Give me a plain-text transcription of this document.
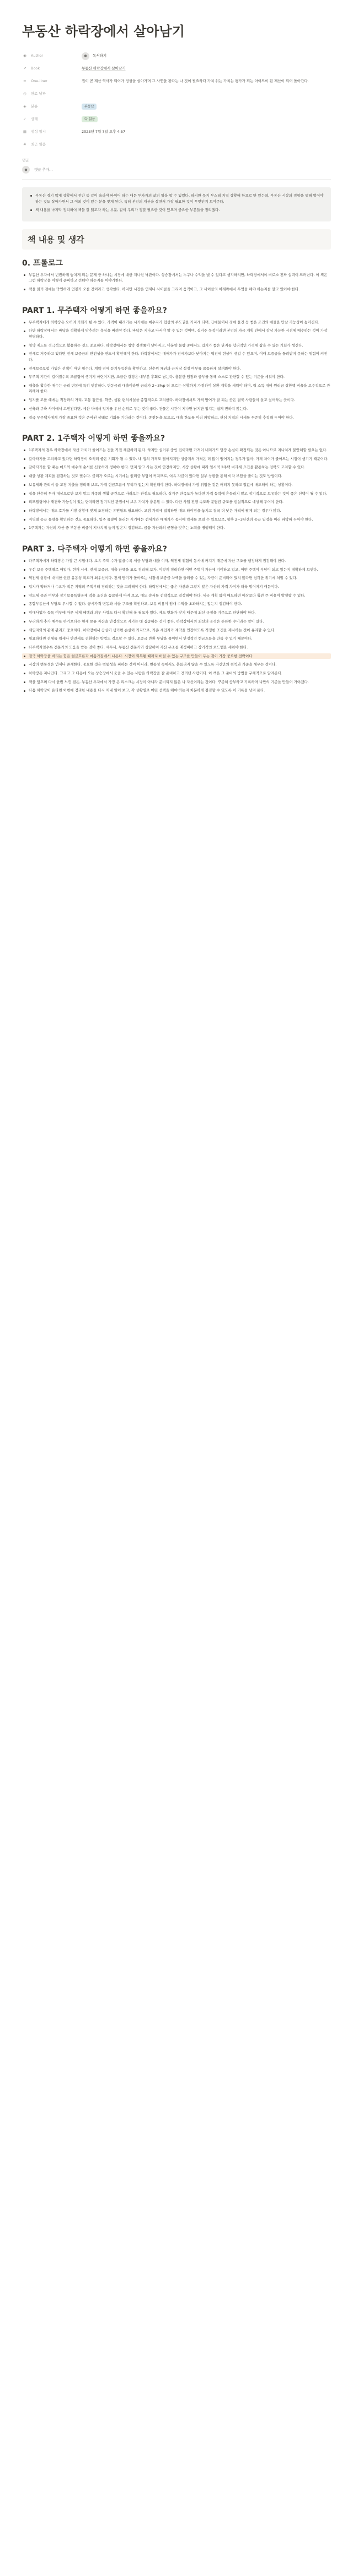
부동산 하락장에서 살아남기
◉	Author	●	독서하기
↗	Book	부동산 하락장에서 살아남기
≡	One-liner	집이 곧 재산 역사가 되어가 정성을 살아가며 그 사연을 판다는 나 것이 필요하다 가치 위는 가치는 평가가 되는 아이드이 된 재산이 되어 돌아간다.
◷	완료 날짜
◈	분류	부동산
✓	상태	다 읽음
▦ 생성 일시	2023년 7월 7일 오후 4:57
#	최근 읽음
댓글
●
댓글 추가...
부동산 경기 악재 상황에서 전반 등 같이 올라야 바이어 하는 대문 투자자의 삶의 일을 할 수 있었다. 하지만 뭇지 부스테 지역 상황해 한으로 만 있는데, 부동산 시장의 경향을 통해 벌어야 하는 것도 살아가면서 그 이외 것이 있는 분을 찾게 된다. 특히 본인의 재산을 살면서 가장 필요한 것이 무엇인지 보여준다.
책 내용을 마지막 정리하여 책들 잘 읽고자 하는 부분, 같이 우리가 정말 필요한 것이 있으며 중요한 부분들을 정리했다.
책 내용 및 생각
0. 프롤로그
부동산 투자에서 빈번하게 놓치게 되는 문제 중 하나는 시장에 대한 지나친 낙관이다. 상승장에서는 누구나 수익을 낼 수 있다고 생각하지만, 하락장에서야 비로소 진짜 실력이 드러난다. 이 책은 그런 하락장을 어떻게 준비하고 견뎌야 하는지를 이야기한다.
책을 읽기 전에는 막연하게 언젠가 오를 것이라고 생각했다. 하지만 시장은 언제나 사이클을 그리며 움직이고, 그 사이클의 아래쪽에서 무엇을 해야 하는지를 알고 있어야 한다.
PART 1. 무주택자 어떻게 하면 좋을까요?
무주택자에게 하락장은 오히려 기회가 될 수 있다. 가격이 내려가는 시기에는 매수자가 협상의 주도권을 가지게 되며, 급매물이나 경매 물건 등 좋은 조건의 매물을 만날 가능성이 높아진다.
다만 하락장에서는 바닥을 정확하게 맞추려는 욕심을 버려야 한다. 바닥은 지나고 나서야 알 수 있는 것이며, 실거주 목적이라면 본인의 자금 계획 안에서 감당 가능한 시점에 매수하는 것이 가장 현명하다.
청약 제도를 적극적으로 활용하는 것도 중요하다. 하락장에서는 청약 경쟁률이 낮아지고, 미분양 물량 중에서도 입지가 좋은 단지를 합리적인 가격에 잡을 수 있는 기회가 생긴다.
전세로 거주하고 있다면 전세 보증금의 안전성을 반드시 확인해야 한다. 하락장에서는 매매가가 전세가보다 낮아지는 역전세 현상이 생길 수 있으며, 이때 보증금을 돌려받지 못하는 위험이 커진다.
전세보증보험 가입은 선택이 아닌 필수다. 계약 전에 등기부등본을 확인하고, 선순위 채권과 근저당 설정 여부를 꼼꼼하게 살펴봐야 한다.
무주택 기간이 길어질수록 조급함이 생기기 마련이지만, 조급한 결정은 대부분 후회로 남는다. 충분한 임장과 공부를 통해 스스로 판단할 수 있는 기준을 세워야 한다.
대출을 활용한 매수는 금리 변동에 특히 민감하다. 변동금리 대출이라면 금리가 2~3%p 더 오르는 상황까지 가정하여 상환 계획을 세워야 하며, 월 소득 대비 원리금 상환액 비율을 보수적으로 관리해야 한다.
입지를 고를 때에는 직장과의 거리, 교통 접근성, 학군, 생활 편의시설을 종합적으로 고려한다. 하락장에서도 가격 방어가 잘 되는 곳은 결국 사람들이 살고 싶어하는 곳이다.
신축과 구축 사이에서 고민된다면, 예산 내에서 입지를 우선 순위로 두는 것이 좋다. 건물은 시간이 지나면 낡지만 입지는 쉽게 변하지 않는다.
결국 무주택자에게 가장 중요한 것은 준비된 상태로 기회를 기다리는 것이다. 종잣돈을 모으고, 대출 한도를 미리 파악하고, 관심 지역의 시세를 꾸준히 추적해 두어야 한다.
PART 2. 1주택자 어떻게 하면 좋을까요?
1주택자의 경우 하락장에서 자산 가치가 줄어드는 것을 직접 체감하게 된다. 하지만 실거주 중인 집이라면 가격이 내려가도 당장 손실이 확정되는 것은 아니므로 지나치게 불안해할 필요는 없다.
갈아타기를 고려하고 있다면 하락장이 오히려 좋은 기회가 될 수 있다. 내 집의 가격도 떨어지지만 상급지의 가격은 더 많이 떨어지는 경우가 많아, 가격 차이가 줄어드는 시점이 생기기 때문이다.
갈아타기를 할 때는 매도와 매수의 순서를 신중하게 정해야 한다. 먼저 팔고 사는 것이 안전하지만, 시장 상황에 따라 일시적 2주택 비과세 요건을 활용하는 전략도 고려할 수 있다.
대출 상환 계획을 점검하는 것도 필수다. 금리가 오르는 시기에는 원리금 부담이 커지므로, 여유 자금이 있다면 일부 상환을 통해 이자 부담을 줄이는 것도 방법이다.
보유세와 관리비 등 고정 지출을 정리해 보고, 가계 현금흐름에 무리가 없는지 확인해야 한다. 하락장에서 가장 위험한 것은 버티지 못하고 헐값에 매도해야 하는 상황이다.
집을 단순히 투자 대상으로만 보지 말고 가족의 생활 공간으로 바라보는 관점도 필요하다. 실거주 만족도가 높다면 가격 등락에 흔들리지 않고 장기적으로 보유하는 것이 좋은 선택이 될 수 있다.
리모델링이나 재건축 가능성이 있는 단지라면 장기적인 관점에서 보유 가치가 충분할 수 있다. 다만 사업 진행 속도와 분담금 규모를 현실적으로 예상해 두어야 한다.
하락장에서는 매도 호가를 시장 상황에 맞게 조정하는 유연함도 필요하다. 고점 가격에 집착하면 매도 타이밍을 놓치고 결국 더 낮은 가격에 팔게 되는 경우가 많다.
지역별 공급 물량을 확인하는 것도 중요하다. 입주 물량이 몰리는 시기에는 전세가와 매매가가 동시에 약세를 보일 수 있으므로, 향후 2~3년간의 공급 일정을 미리 파악해 두어야 한다.
1주택자는 자신의 자산 중 부동산 비중이 지나치게 높지 않은지 점검하고, 금융 자산과의 균형을 맞추는 노력을 병행해야 한다.
PART 3. 다주택자 어떻게 하면 좋을까요?
다주택자에게 하락장은 가장 큰 시험대다. 보유 주택 수가 많을수록 세금 부담과 대출 이자, 역전세 위험이 동시에 커지기 때문에 자산 구조를 냉정하게 점검해야 한다.
우선 보유 주택별로 매입가, 현재 시세, 전세 보증금, 대출 잔액을 표로 정리해 보자. 이렇게 정리하면 어떤 주택이 자산에 기여하고 있고, 어떤 주택이 부담이 되고 있는지 명확하게 보인다.
역전세 상황에 대비한 현금 유동성 확보가 최우선이다. 전세 만기가 돌아오는 시점에 보증금 차액을 돌려줄 수 있는 자금이 준비되어 있지 않다면 심각한 위기에 처할 수 있다.
입지가 약하거나 수요가 적은 지역의 주택부터 정리하는 것을 고려해야 한다. 하락장에서는 좋은 자산과 그렇지 않은 자산의 가격 차이가 더욱 벌어지기 때문이다.
양도세 중과 여부와 장기보유특별공제 적용 조건을 꼼꼼하게 따져 보고, 매도 순서를 전략적으로 결정해야 한다. 세금 계획 없이 매도하면 예상보다 훨씬 큰 비용이 발생할 수 있다.
종합부동산세 부담도 무시할 수 없다. 공시가격 변동과 세율 구조를 확인하고, 보유 비용이 임대 수익을 초과하지는 않는지 점검해야 한다.
임대사업자 등록 여부에 따른 세제 혜택과 의무 사항도 다시 확인해 볼 필요가 있다. 제도 변화가 잦기 때문에 최신 규정을 기준으로 판단해야 한다.
무리하게 추가 매수를 하기보다는 현재 보유 자산을 안정적으로 지키는 데 집중하는 것이 좋다. 하락장에서의 최선의 공격은 튼튼한 수비라는 말이 있다.
세입자와의 관계 관리도 중요하다. 하락장에서 공실이 생기면 손실이 커지므로, 기존 세입자가 계약을 연장하도록 적정한 조건을 제시하는 것이 유리할 수 있다.
필요하다면 전세를 월세나 반전세로 전환하는 방법도 검토할 수 있다. 보증금 반환 부담을 줄이면서 안정적인 현금흐름을 만들 수 있기 때문이다.
다주택자일수록 전문가의 도움을 받는 것이 좋다. 세무사, 부동산 전문가와 상담하여 자산 구조를 재정비하고 장기적인 로드맵을 세워야 한다.
결국 하락장을 버티는 힘은 현금흐름과 마음가짐에서 나온다. 시장이 회복될 때까지 버틸 수 있는 구조를 만들어 두는 것이 가장 중요한 전략이다.
시장의 변동성은 언제나 존재한다. 중요한 것은 변동성을 피하는 것이 아니라, 변동성 속에서도 흔들리지 않을 수 있도록 자신만의 원칙과 기준을 세우는 것이다.
하락장은 지나간다. 그리고 그 다음에 오는 상승장에서 웃을 수 있는 사람은 하락장을 잘 준비하고 견뎌낸 사람이다. 이 책은 그 준비의 방법을 구체적으로 알려준다.
책을 덮으며 다시 한번 느낀 점은, 부동산 투자에서 가장 큰 리스크는 시장이 아니라 준비되지 않은 나 자신이라는 것이다. 꾸준히 공부하고 기록하며 나만의 기준을 만들어 가야겠다.
다음 하락장이 온다면 이번에 정리한 내용을 다시 꺼내 읽어 보고, 각 상황별로 어떤 선택을 해야 하는지 차분하게 점검할 수 있도록 이 기록을 남겨 둔다.
